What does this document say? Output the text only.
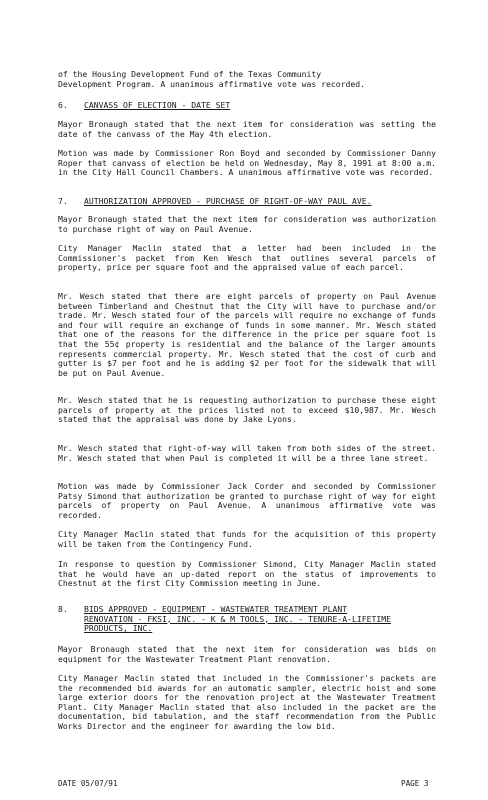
of the Housing Development Fund of the Texas Community

Development Program. A unanimous affirmative vote was recorded.

6. CANVASS OF ELECTION - DATE SET

Mayor Bronaugh stated that the next item for consideration was setting the date of the canvass of the May 4th election.

Motion was made by Commissioner Ron Boyd and seconded by Commissioner Danny Roper that canvass of election be held on Wednesday, May 8, 1991 at 8:00 a.m. in the City Hall Council Chambers. A unanimous affirmative vote was recorded.

7. AUTHORIZATION APPROVED - PURCHASE OF RIGHT-OF-WAY PAUL AVE.

Mayor Bronaugh stated that the next item for consideration was authorization to purchase right of way on Paul Avenue.

City Manager Maclin stated that a letter had been included in the Commissioner's packet from Ken Wesch that outlines several parcels of property, price per square foot and the appraised value of each parcel.

Mr. Wesch stated that there are eight parcels of property on Paul Avenue between Timberland and Chestnut that the City will have to purchase and/or trade. Mr. Wesch stated four of the parcels will require no exchange of funds and four will require an exchange of funds in some manner. Mr. Wesch stated that one of the reasons for the difference in the price per square foot is that the 55¢ property is residential and the balance of the larger amounts represents commercial property. Mr. Wesch stated that the cost of curb and gutter is $7 per foot and he is adding $2 per foot for the sidewalk that will be put on Paul Avenue.

Mr. Wesch stated that he is requesting authorization to purchase these eight parcels of property at the prices listed not to exceed $10,987. Mr. Wesch stated that the appraisal was done by Jake Lyons.

Mr. Wesch stated that right-of-way will taken from both sides of the street. Mr. Wesch stated that when Paul is completed it will be a three lane street.

Motion was made by Commissioner Jack Corder and seconded by Commissioner Patsy Simond that authorization be granted to purchase right of way for eight parcels of property on Paul Avenue. A unanimous affirmative vote was recorded.

City Manager Maclin stated that funds for the acquisition of this property will be taken from the Contingency Fund.

In response to question by Commissioner Simond, City Manager Maclin stated that he would have an up-dated report on the status of improvements to Chestnut at the first City Commission meeting in June.

8. BIDS APPROVED - EQUIPMENT - WASTEWATER TREATMENT PLANT
RENOVATION - FKSI, INC. - K & M TOOLS, INC. - TENURE-A-LIFETIME
PRODUCTS, INC.

Mayor Bronaugh stated that the next item for consideration was bids on equipment for the Wastewater Treatment Plant renovation.

City Manager Maclin stated that included in the Commissioner's packets are the recommended bid awards for an automatic sampler, electric hoist and some large exterior doors for the renovation project at the Wastewater Treatment Plant. City Manager Maclin stated that also included in the packet are the documentation, bid tabulation, and the staff recommendation from the Public Works Director and the engineer for awarding the low bid.

DATE 05/07/91	PAGE 3
